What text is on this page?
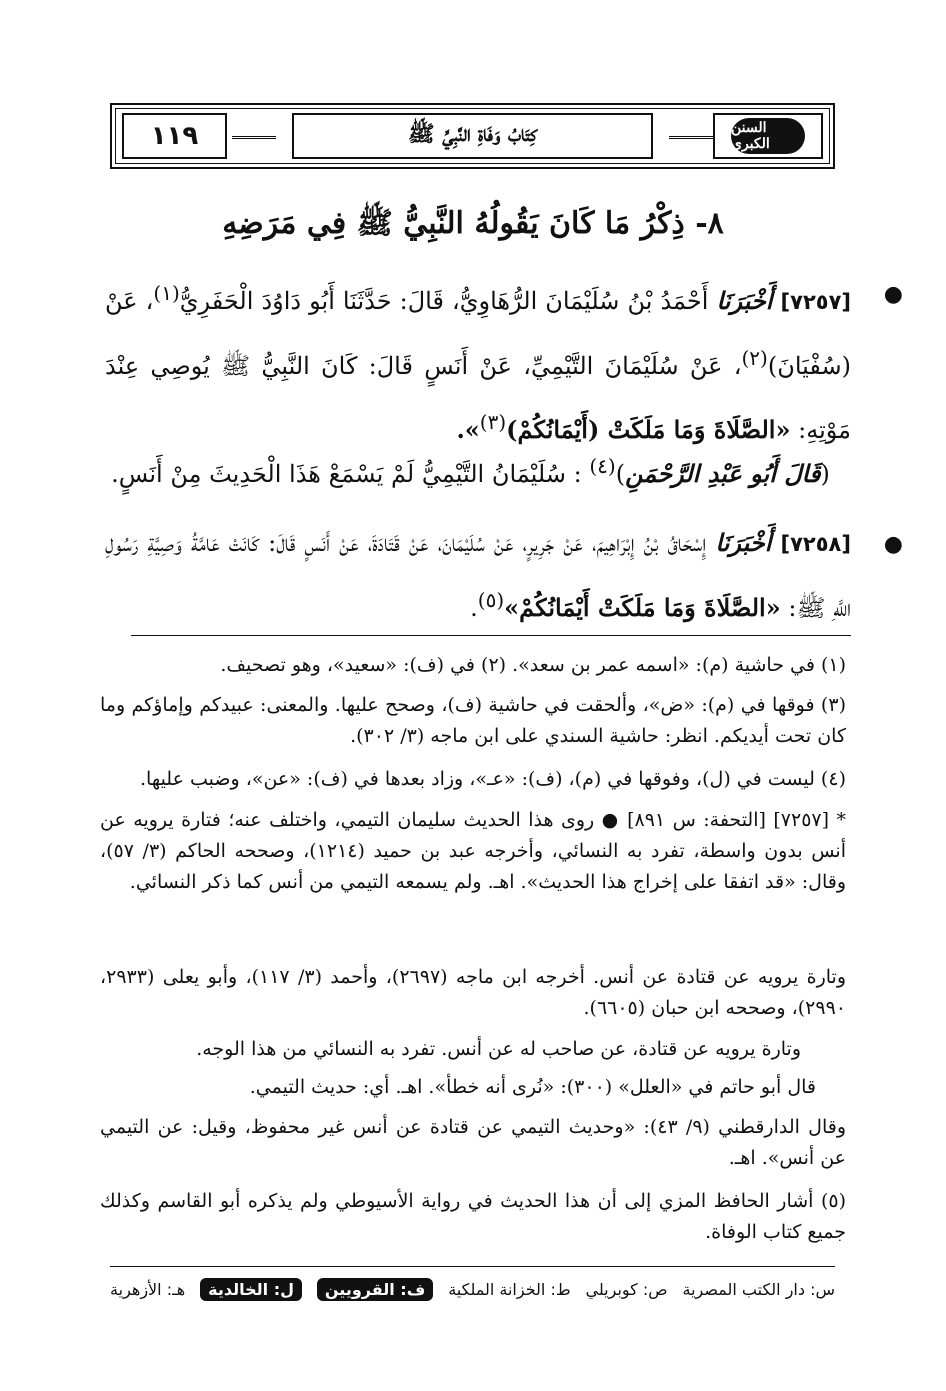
١١٩	كِتَابُ وَفَاةِ النَّبِيِّ ﷺ	السنن الكبرى
٨- ذِكْرُ مَا كَانَ يَقُولُهُ النَّبِيُّ ﷺ فِي مَرَضِهِ
●
[٧٢٥٧] أَخْبَرَنَا أَحْمَدُ بْنُ سُلَيْمَانَ الرُّهَاوِيُّ، قَالَ: حَدَّثَنَا أَبُو دَاوُدَ الْحَفَرِيُّ$^{(١)}$، عَنْ (سُفْيَانَ)$^{(٢)}$، عَنْ سُلَيْمَانَ التَّيْمِيِّ، عَنْ أَنَسٍ قَالَ: كَانَ النَّبِيُّ ﷺ يُوصِي عِنْدَ مَوْتِهِ: «الصَّلَاةَ وَمَا مَلَكَتْ (أَيْمَانُكُمْ)$^{(٣)}$».
(قَالَ أَبُو عَبْدِ الرَّحْمَنِ)$^{(٤)}$ : سُلَيْمَانُ التَّيْمِيُّ لَمْ يَسْمَعْ هَذَا الْحَدِيثَ مِنْ أَنَسٍ.
●
[٧٢٥٨] أَخْبَرَنَا إِسْحَاقُ بْنُ إِبْرَاهِيمَ، عَنْ جَرِيرٍ، عَنْ سُلَيْمَانَ، عَنْ قَتَادَةَ، عَنْ أَنَسٍ قَالَ: كَانَتْ عَامَّةُ وَصِيَّةِ رَسُولِ اللَّهِ ﷺ: «الصَّلَاةَ وَمَا مَلَكَتْ أَيْمَانُكُمْ»$^{(٥)}$.
(١) في حاشية (م): «اسمه عمر بن سعد». (٢) في (ف): «سعيد»، وهو تصحيف.
(٣) فوقها في (م): «ض»، وألحقت في حاشية (ف)، وصحح عليها. والمعنى: عبيدكم وإماؤكم وما كان تحت أيديكم. انظر: حاشية السندي على ابن ماجه (٣/ ٣٠٢).
(٤) ليست في (ل)، وفوقها في (م)، (ف): «عـ»، وزاد بعدها في (ف): «عن»، وضبب عليها.
* [٧٢٥٧] [التحفة: س ٨٩١] ● روى هذا الحديث سليمان التيمي، واختلف عنه؛ فتارة يرويه عن أنس بدون واسطة، تفرد به النسائي، وأخرجه عبد بن حميد (١٢١٤)، وصححه الحاكم (٣/ ٥٧)، وقال: «قد اتفقا على إخراج هذا الحديث». اهـ. ولم يسمعه التيمي من أنس كما ذكر النسائي.
وتارة يرويه عن قتادة عن أنس. أخرجه ابن ماجه (٢٦٩٧)، وأحمد (٣/ ١١٧)، وأبو يعلى (٢٩٣٣، ٢٩٩٠)، وصححه ابن حبان (٦٦٠٥).
وتارة يرويه عن قتادة، عن صاحب له عن أنس. تفرد به النسائي من هذا الوجه.
قال أبو حاتم في «العلل» (٣٠٠): «نُرى أنه خطأ». اهـ. أي: حديث التيمي.
وقال الدارقطني (٩/ ٤٣): «وحديث التيمي عن قتادة عن أنس غير محفوظ، وقيل: عن التيمي عن أنس». اهـ.
(٥) أشار الحافظ المزي إلى أن هذا الحديث في رواية الأسيوطي ولم يذكره أبو القاسم وكذلك جميع كتاب الوفاة.
هـ: الأزهرية	ل: الخالدية	ف: القرويين	ط: الخزانة الملكية ص: كوبريلي س: دار الكتب المصرية
